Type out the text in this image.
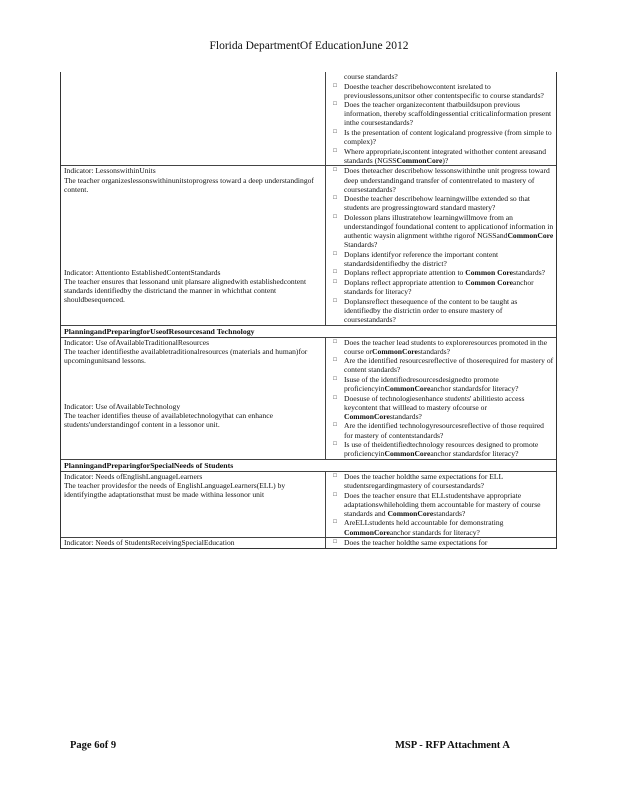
Florida DepartmentOf EducationJune 2012
course standards?
□ Doesthe teacher describehowcontent isrelated to previouslessons,unitsor other contentspecific to course standards?
□ Does the teacher organizecontent thatbuildsupon previous information, thereby scaffoldingessential criticalinformation present inthe coursestandards?
□ Is the presentation of content logicaland progressive (from simple to complex)?
□ Where appropriate,iscontent integrated withother content areasand standards (NGSSCommonCore)?
Indicator: LessonswithinUnits

The teacher organizeslessonswithinunitstoprogress toward a deep understandingof content.

Indicator: Attentionto EstablishedContentStandards

The teacher ensures that lessonand unit plansare alignedwith establishedcontent standards identifiedby the districtand the manner in whichthat content shouldbesequenced.

□ Does theteacher describehow lessonswithinthe unit progress toward deep understandingand transfer of contentrelated to mastery of coursestandards?
□ Doesthe teacher describehow learningwillbe extended so that students are progressingtoward standard mastery?
□ Dolesson plans illustratehow learningwillmove from an understandingof foundational content to applicationof information in authentic waysin alignment withthe rigorof NGSSandCommonCore Standards?
□ Doplans identifyor reference the important content standardsidentifiedby the district?
□ Doplans reflect appropriate attention to Common Corestandards?
□ Doplans reflect appropriate attention to Common Coreanchor standards for literacy?
□ Doplansreflect thesequence of the content to be taught as identifiedby the districtin order to ensure mastery of coursestandards?
PlanningandPreparingforUseofResourcesand Technology
Indicator: Use ofAvailableTraditionalResources

The teacher identifiesthe availabletraditionalresources (materials and human)for upcomingunitsand lessons.

Indicator: Use ofAvailableTechnology

The teacher identifies theuse of availabletechnologythat can enhance students'understandingof content in a lessonor unit.

□ Does the teacher lead students to exploreresources promoted in the course orCommonCorestandards?
□ Are the identified resourcesreflective of thoserequired for mastery of content standards?
□ Isuse of the identifiedresourcesdesignedto promote proficiencyinCommonCoreanchor standardsfor literacy?
□ Doesuse of technologiesenhance students' abilitiesto access keycontent that willlead to mastery ofcourse or CommonCorestandards?
□ Are the identified technologyresourcesreflective of those required for mastery of contentstandards?
□ Is use of theidentifiedtechnology resources designed to promote proficiencyinCommonCoreanchor standardsfor literacy?
PlanningandPreparingforSpecialNeeds of Students
Indicator: Needs ofEnglishLanguageLearners

The teacher providesfor the needs of EnglishLanguageLearners(ELL) by identifyingthe adaptationsthat must be made withina lessonor unit

□ Does the teacher holdthe same expectations for ELL studentsregardingmastery of coursestandards?
□ Does the teacher ensure that ELLstudentshave appropriate adaptationswhileholding them accountable for mastery of course standards and CommonCorestandards?
□ AreELLstudents held accountable for demonstrating CommonCoreanchor standards for literacy?
Indicator: Needs of StudentsReceivingSpecialEducation	□ Does the teacher holdthe same expectations for
Page 6of 9	MSP - RFP Attachment A
